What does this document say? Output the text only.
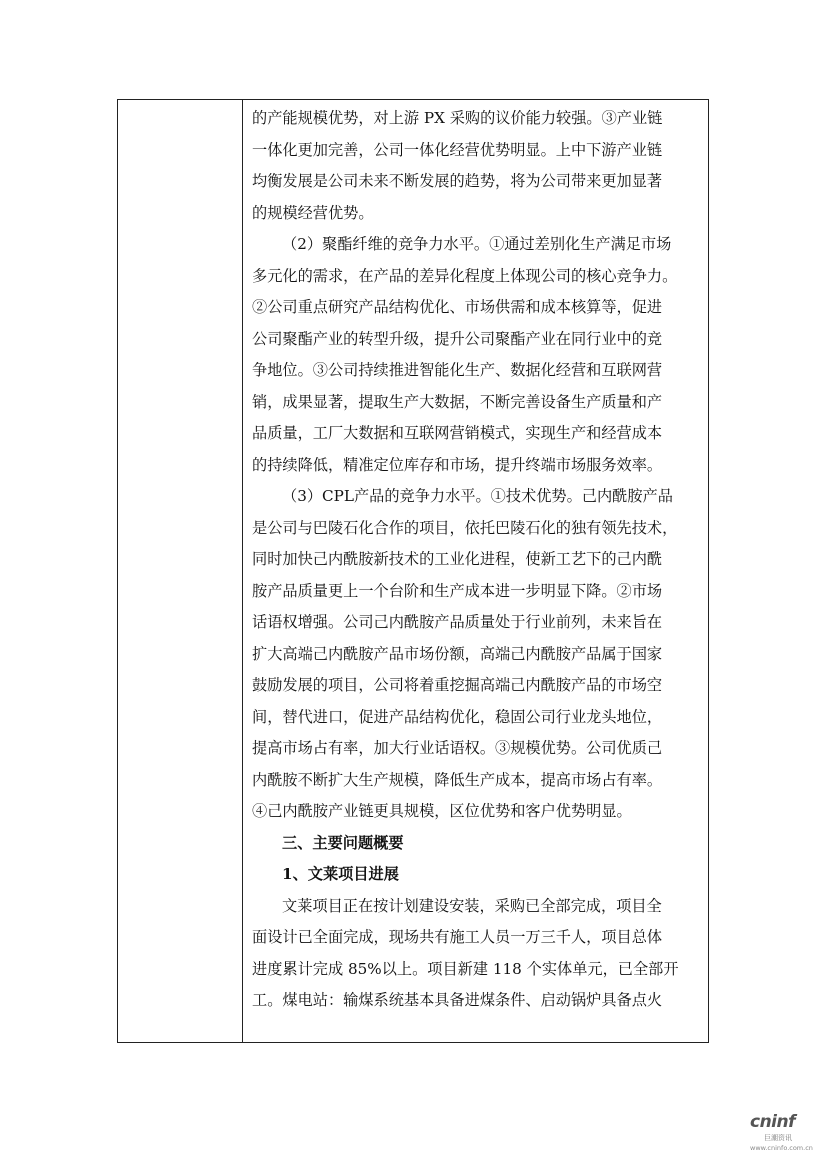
的产能规模优势，对上游 PX 采购的议价能力较强。③产业链
一体化更加完善，公司一体化经营优势明显。上中下游产业链
均衡发展是公司未来不断发展的趋势，将为公司带来更加显著
的规模经营优势。
（2）聚酯纤维的竞争力水平。①通过差别化生产满足市场
多元化的需求，在产品的差异化程度上体现公司的核心竞争力。
②公司重点研究产品结构优化、市场供需和成本核算等，促进
公司聚酯产业的转型升级，提升公司聚酯产业在同行业中的竞
争地位。③公司持续推进智能化生产、数据化经营和互联网营
销，成果显著，提取生产大数据，不断完善设备生产质量和产
品质量，工厂大数据和互联网营销模式，实现生产和经营成本
的持续降低，精准定位库存和市场，提升终端市场服务效率。
（3）CPL产品的竞争力水平。①技术优势。己内酰胺产品
是公司与巴陵石化合作的项目，依托巴陵石化的独有领先技术，
同时加快己内酰胺新技术的工业化进程，使新工艺下的己内酰
胺产品质量更上一个台阶和生产成本进一步明显下降。②市场
话语权增强。公司己内酰胺产品质量处于行业前列，未来旨在
扩大高端己内酰胺产品市场份额，高端己内酰胺产品属于国家
鼓励发展的项目，公司将着重挖掘高端己内酰胺产品的市场空
间，替代进口，促进产品结构优化，稳固公司行业龙头地位，
提高市场占有率，加大行业话语权。③规模优势。公司优质己
内酰胺不断扩大生产规模，降低生产成本，提高市场占有率。
④己内酰胺产业链更具规模，区位优势和客户优势明显。
三、主要问题概要
1、文莱项目进展
文莱项目正在按计划建设安装，采购已全部完成，项目全
面设计已全面完成，现场共有施工人员一万三千人，项目总体
进度累计完成 85%以上。项目新建 118 个实体单元，已全部开
工。煤电站：输煤系统基本具备进煤条件、启动锅炉具备点火
cninf
巨潮资讯
www.cninfo.com.cn
